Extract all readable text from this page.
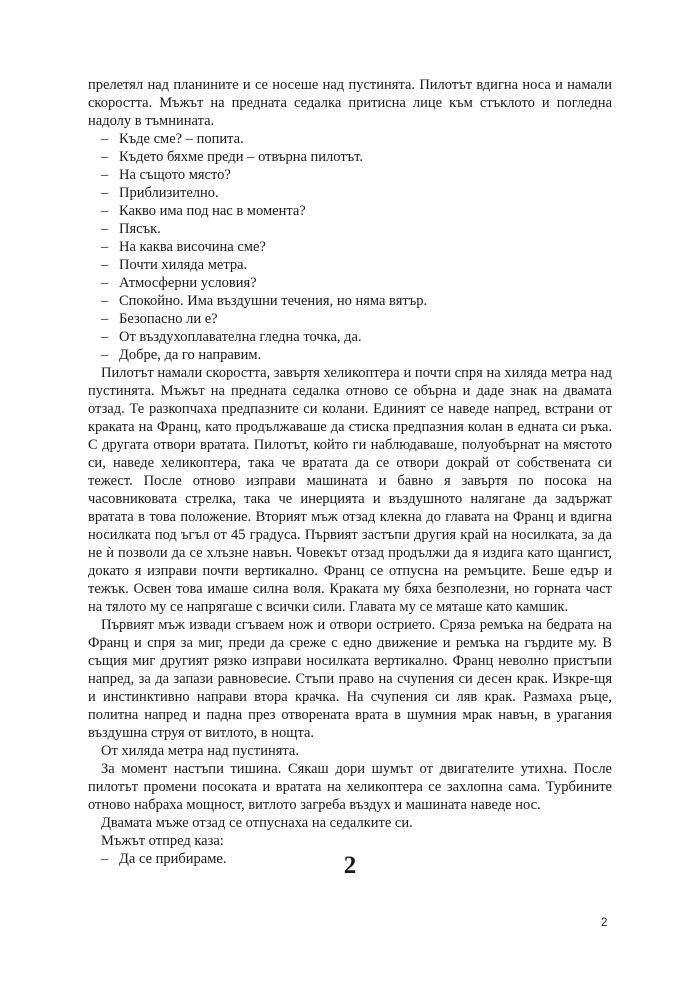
прелетял над планините и се носеше над пустинята. Пилотът вдигна носа и намали скоростта. Мъжът на предната седалка притисна лице към стъклото и погледна надолу в тъмнината.

– Къде сме? – попита.

– Където бяхме преди – отвърна пилотът.

– На същото място?

– Приблизително.

– Какво има под нас в момента?

– Пясък.

– На каква височина сме?

– Почти хиляда метра.

– Атмосферни условия?

– Спокойно. Има въздушни течения, но няма вятър.

– Безопасно ли е?

– От въздухоплавателна гледна точка, да.

– Добре, да го направим.

Пилотът намали скоростта, завъртя хеликоптера и почти спря на хиляда метра над пустинята. Мъжът на предната седалка отново се обърна и даде знак на двамата отзад. Те разкопчаха предпазните си колани. Единият се наведе напред, встрани от краката на Франц, като продължаваше да стиска предпазния колан в едната си ръка. С другата отвори вратата. Пилотът, който ги наблюдаваше, полуобърнат на мястото си, наведе хеликоптера, така че вратата да се отвори докрай от собствената си тежест. После отново изправи машината и бавно я завъртя по посока на часовниковата стрелка, така че инерцията и въздушното налягане да задържат вратата в това положение. Вторият мъж отзад клекна до главата на Франц и вдигна носилката под ъгъл от 45 градуса. Първият застъпи другия край на носилката, за да не ѝ позволи да се хлъзне навън. Човекът отзад продължи да я издига като щангист, докато я изправи почти вертикално. Франц се отпусна на ремъците. Беше едър и тежък. Освен това имаше силна воля. Краката му бяха безполезни, но горната част на тялото му се напрягаше с всички сили. Главата му се мяташе като камшик.

Първият мъж извади сгъваем нож и отвори острието. Сряза ремъка на бедрата на Франц и спря за миг, преди да среже с едно движение и ремъка на гърдите му. В същия миг другият рязко изправи носилката вертикално. Франц неволно пристъпи напред, за да запази равновесие. Стъпи право на счупения си десен крак. Изкре-щя и инстинктивно направи втора крачка. На счупения си ляв крак. Размаха ръце, политна напред и падна през отворената врата в шумния мрак навън, в урагания въздушна струя от витлото, в нощта.

От хиляда метра над пустинята.

За момент настъпи тишина. Сякаш дори шумът от двигателите утихна. После пилотът промени посоката и вратата на хеликоптера се захлопна сама. Турбините отново набраха мощност, витлото загреба въздух и машината наведе нос.

Двамата мъже отзад се отпуснаха на седалките си.

Мъжът отпред каза:

– Да се прибираме.	2
2
